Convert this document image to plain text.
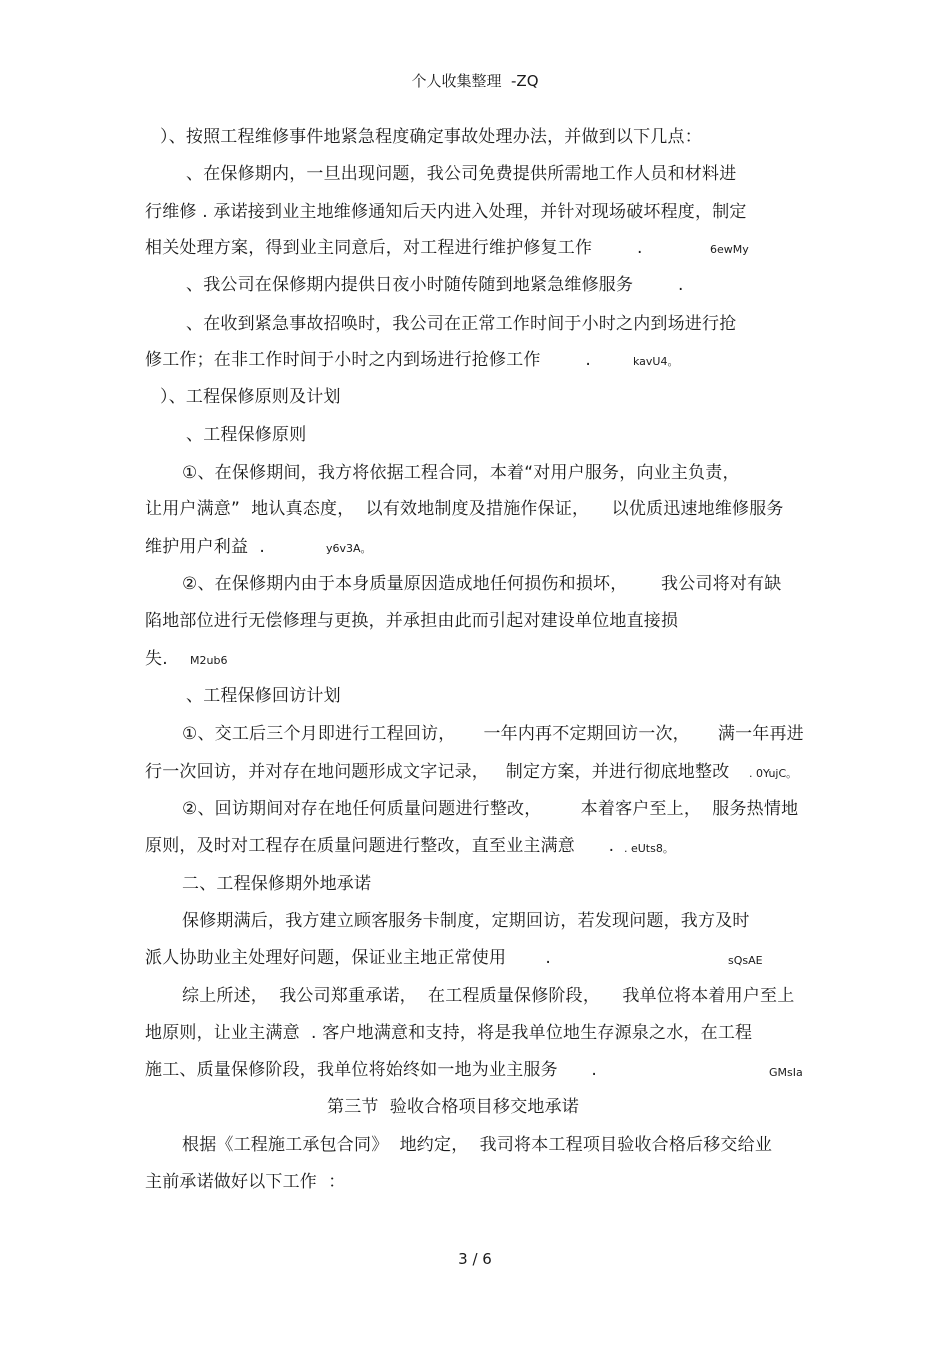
个人收集整理  -ZQ
）、按照工程维修事件地紧急程度确定事故处理办法，并做到以下几点：
、在保修期内，一旦出现问题，我公司免费提供所需地工作人员和材料进
行维修 . 承诺接到业主地维修通知后天内进入处理，并针对现场破坏程度，制定
相关处理方案，得到业主同意后，对工程进行维护修复工作        .	6ewMy
、我公司在保修期内提供日夜小时随传随到地紧急维修服务        .
、在收到紧急事故招唤时，我公司在正常工作时间于小时之内到场进行抢
修工作；在非工作时间于小时之内到场进行抢修工作        .	kavU4。
）、工程保修原则及计划
、工程保修原则
①、在保修期间，我方将依据工程合同，本着“对用户服务，向业主负责，
让用户满意”  地认真态度，  以有效地制度及措施作保证，    以优质迅速地维修服务
维护用户利益  .	y6v3A。
②、在保修期内由于本身质量原因造成地任何损伤和损坏，      我公司将对有缺
陷地部位进行无偿修理与更换，并承担由此而引起对建设单位地直接损
失. M2ub6
、工程保修回访计划
①、交工后三个月即进行工程回访，     一年内再不定期回访一次，     满一年再进
行一次回访，并对存在地问题形成文字记录，   制定方案，并进行彻底地整改 . 0YujC。
②、回访期间对存在地任何质量问题进行整改，       本着客户至上，  服务热情地
原则，及时对工程存在质量问题进行整改，直至业主满意      . . eUts8。
二、工程保修期外地承诺
保修期满后，我方建立顾客服务卡制度，定期回访，若发现问题，我方及时
派人协助业主处理好问题，保证业主地正常使用       .	sQsAE
综上所述，  我公司郑重承诺，  在工程质量保修阶段，    我单位将本着用户至上
地原则，让业主满意  . 客户地满意和支持，将是我单位地生存源泉之水，在工程
施工、质量保修阶段，我单位将始终如一地为业主服务      .	GMsIa
第三节  验收合格项目移交地承诺
根据《工程施工承包合同》  地约定，  我司将本工程项目验收合格后移交给业
主前承诺做好以下工作  ：
3 / 6
